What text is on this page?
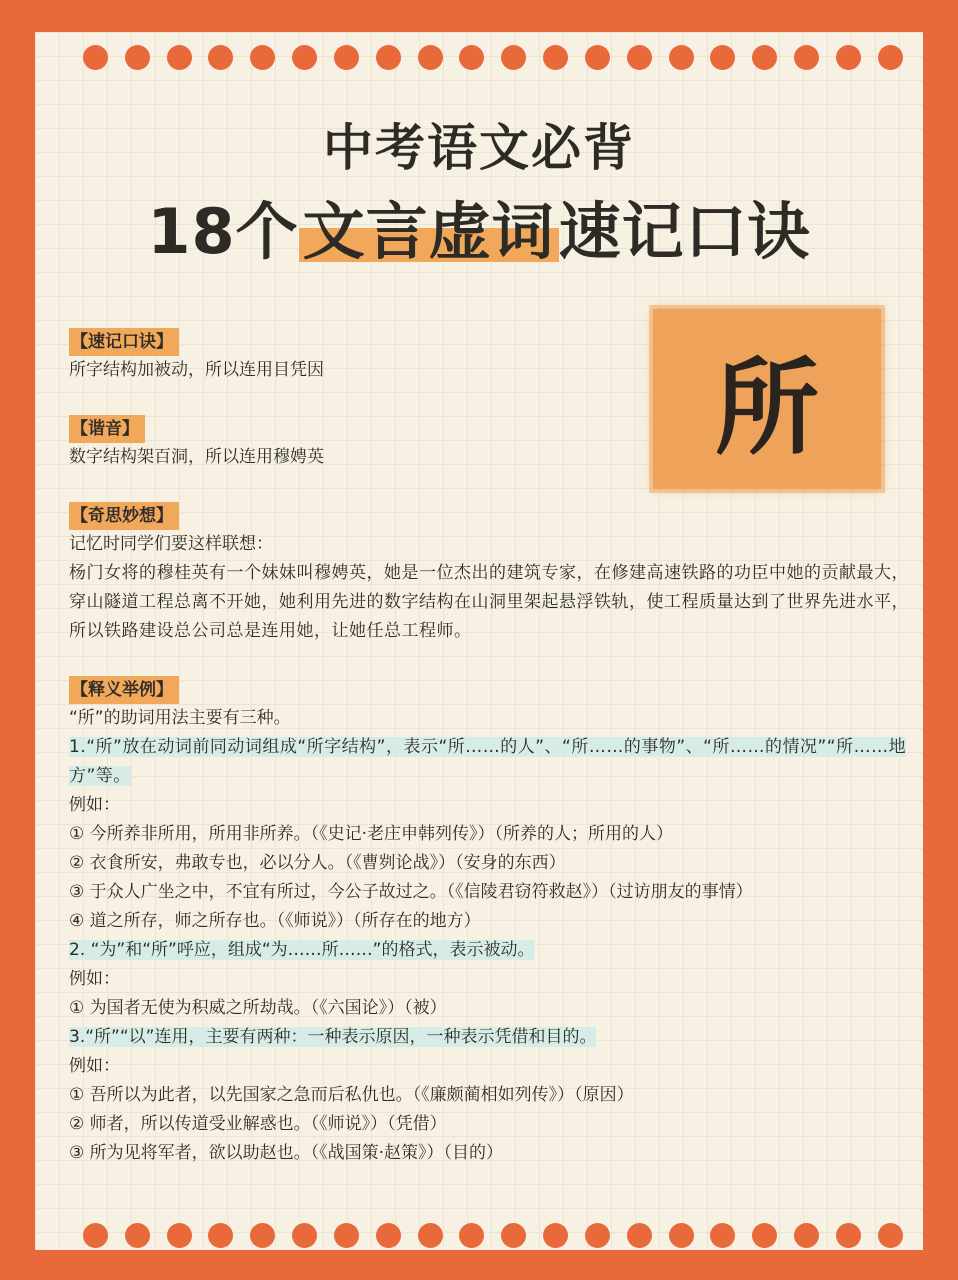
中考语文必背
18个文言虚词速记口诀
所
【速记口诀】
所字结构加被动，所以连用目凭因
【谐音】
数字结构架百洞，所以连用穆娉英
【奇思妙想】
记忆时同学们要这样联想：
杨门女将的穆桂英有一个妹妹叫穆娉英，她是一位杰出的建筑专家，在修建高速铁路的功臣中她的贡献最大，穿山隧道工程总离不开她，她利用先进的数字结构在山洞里架起悬浮铁轨，使工程质量达到了世界先进水平，所以铁路建设总公司总是连用她，让她任总工程师。
【释义举例】
“所”的助词用法主要有三种。
1.“所”放在动词前同动词组成“所字结构”，表示“所……的人”、“所……的事物”、“所……的情况”“所……地方”等。
例如：
① 今所养非所用，所用非所养。（《史记·老庄申韩列传》）（所养的人；所用的人）
② 衣食所安，弗敢专也，必以分人。（《曹刿论战》）（安身的东西）
③ 于众人广坐之中，不宜有所过，今公子故过之。（《信陵君窃符救赵》）（过访朋友的事情）
④ 道之所存，师之所存也。（《师说》）（所存在的地方）
2. “为”和“所”呼应，组成“为……所……”的格式，表示被动。
例如：
① 为国者无使为积威之所劫哉。（《六国论》）（被）
3.“所”“以”连用，主要有两种：一种表示原因，一种表示凭借和目的。
例如：
① 吾所以为此者，以先国家之急而后私仇也。（《廉颇蔺相如列传》）（原因）
② 师者，所以传道受业解惑也。（《师说》）（凭借）
③ 所为见将军者，欲以助赵也。（《战国策·赵策》）（目的）
